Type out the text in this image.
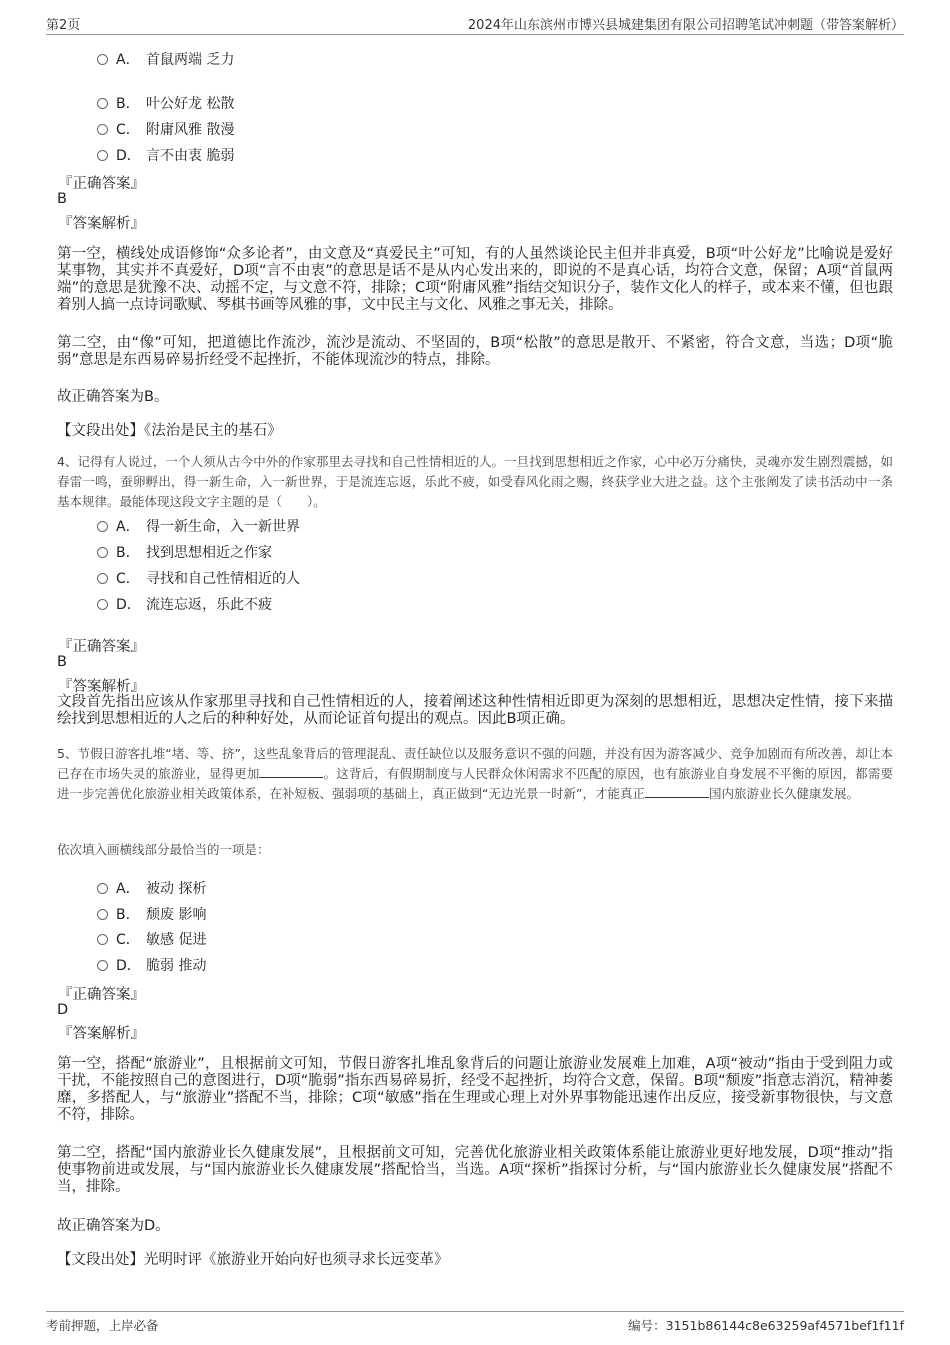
第2页	2024年山东滨州市博兴县城建集团有限公司招聘笔试冲刺题（带答案解析）
A． 首鼠两端 乏力
B． 叶公好龙 松散
C． 附庸风雅 散漫
D． 言不由衷 脆弱
『正确答案』
B
『答案解析』
第一空，横线处成语修饰“众多论者”，由文意及“真爱民主”可知，有的人虽然谈论民主但并非真爱，B项“叶公好龙”比喻说是爱好某事物，其实并不真爱好，D项“言不由衷”的意思是话不是从内心发出来的，即说的不是真心话，均符合文意，保留；A项“首鼠两端”的意思是犹豫不决、动摇不定，与文意不符，排除；C项“附庸风雅”指结交知识分子，装作文化人的样子，或本来不懂，但也跟着别人搞一点诗词歌赋、琴棋书画等风雅的事，文中民主与文化、风雅之事无关，排除。
第二空，由“像”可知，把道德比作流沙，流沙是流动、不坚固的，B项“松散”的意思是散开、不紧密，符合文意，当选；D项“脆弱”意思是东西易碎易折经受不起挫折，不能体现流沙的特点，排除。
故正确答案为B。
【文段出处】《法治是民主的基石》
4、记得有人说过，一个人须从古今中外的作家那里去寻找和自己性情相近的人。一旦找到思想相近之作家，心中必万分痛快，灵魂亦发生剧烈震撼，如春雷一鸣，蚕卵孵出，得一新生命，入一新世界，于是流连忘返，乐此不疲，如受春风化雨之赐，终获学业大进之益。这个主张阐发了读书活动中一条基本规律。最能体现这段文字主题的是（　　）。
A． 得一新生命，入一新世界
B． 找到思想相近之作家
C． 寻找和自己性情相近的人
D． 流连忘返，乐此不疲
『正确答案』
B
『答案解析』
文段首先指出应该从作家那里寻找和自己性情相近的人，接着阐述这种性情相近即更为深刻的思想相近，思想决定性情，接下来描绘找到思想相近的人之后的种种好处，从而论证首句提出的观点。因此B项正确。
5、节假日游客扎堆“堵、等、挤”，这些乱象背后的管理混乱、责任缺位以及服务意识不强的问题，并没有因为游客减少、竞争加剧而有所改善，却让本已存在市场失灵的旅游业，显得更加	。这背后，有假期制度与人民群众休闲需求不匹配的原因，也有旅游业自身发展不平衡的原因，都需要进一步完善优化旅游业相关政策体系，在补短板、强弱项的基础上，真正做到“无边光景一时新”，才能真正	国内旅游业长久健康发展。
依次填入画横线部分最恰当的一项是：
A． 被动 探析
B． 颓废 影响
C． 敏感 促进
D． 脆弱 推动
『正确答案』
D
『答案解析』
第一空，搭配“旅游业”，且根据前文可知，节假日游客扎堆乱象背后的问题让旅游业发展难上加难，A项“被动”指由于受到阻力或干扰，不能按照自己的意图进行，D项“脆弱”指东西易碎易折，经受不起挫折，均符合文意，保留。B项“颓废”指意志消沉，精神萎靡，多搭配人，与“旅游业”搭配不当，排除；C项“敏感”指在生理或心理上对外界事物能迅速作出反应，接受新事物很快，与文意不符，排除。
第二空，搭配“国内旅游业长久健康发展”，且根据前文可知，完善优化旅游业相关政策体系能让旅游业更好地发展，D项“推动”指使事物前进或发展，与“国内旅游业长久健康发展”搭配恰当，当选。A项“探析”指探讨分析，与“国内旅游业长久健康发展”搭配不当，排除。
故正确答案为D。
【文段出处】光明时评《旅游业开始向好也须寻求长远变革》
考前押题，上岸必备	编号：3151b86144c8e63259af4571bef1f11f
